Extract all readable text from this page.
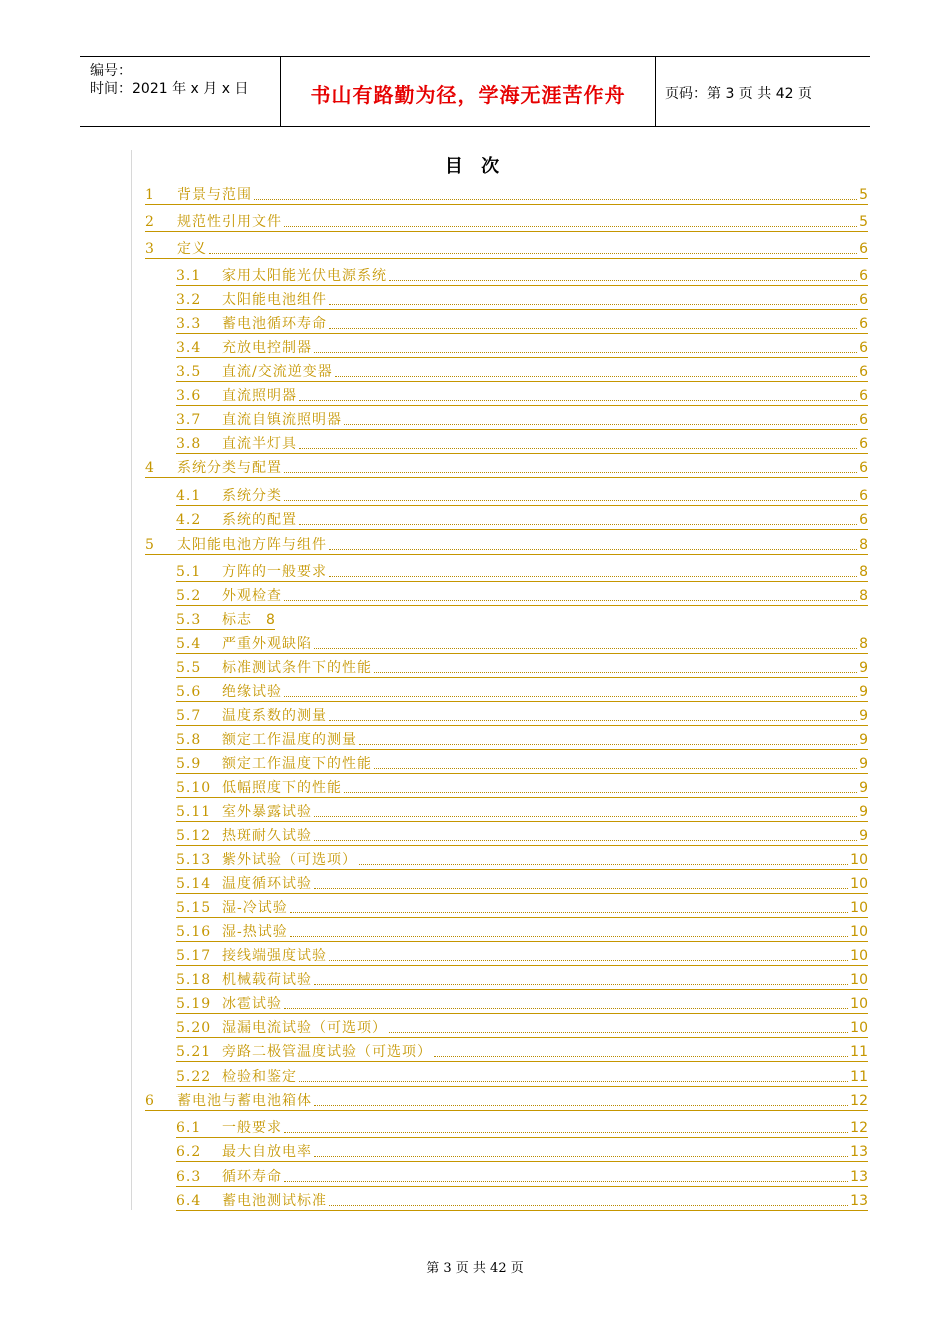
编号：
时间：2021 年 x 月 x 日	书山有路勤为径，学海无涯苦作舟	页码：第 3 页 共 42 页
目 次
1	背景与范围	5
2	规范性引用文件	5
3	定义	6
3.1	家用太阳能光伏电源系统	6
3.2	太阳能电池组件	6
3.3	蓄电池循环寿命	6
3.4	充放电控制器	6
3.5	直流/交流逆变器	6
3.6	直流照明器	6
3.7	直流自镇流照明器	6
3.8	直流半灯具	6
4	系统分类与配置	6
4.1	系统分类	6
4.2	系统的配置	6
5	太阳能电池方阵与组件	8
5.1	方阵的一般要求	8
5.2	外观检查	8
5.3	标志 8
5.4	严重外观缺陷	8
5.5	标准测试条件下的性能	9
5.6	绝缘试验	9
5.7	温度系数的测量	9
5.8	额定工作温度的测量	9
5.9	额定工作温度下的性能	9
5.10 低幅照度下的性能	9
5.11 室外暴露试验	9
5.12 热斑耐久试验	9
5.13 紫外试验（可选项）	10
5.14 温度循环试验	10
5.15 湿-冷试验	10
5.16 湿-热试验	10
5.17 接线端强度试验	10
5.18 机械载荷试验	10
5.19 冰雹试验	10
5.20 湿漏电流试验（可选项）	10
5.21 旁路二极管温度试验（可选项）	11
5.22 检验和鉴定	11
6	蓄电池与蓄电池箱体	12
6.1	一般要求	12
6.2	最大自放电率	13
6.3	循环寿命	13
6.4	蓄电池测试标准	13
第 3 页 共 42 页
